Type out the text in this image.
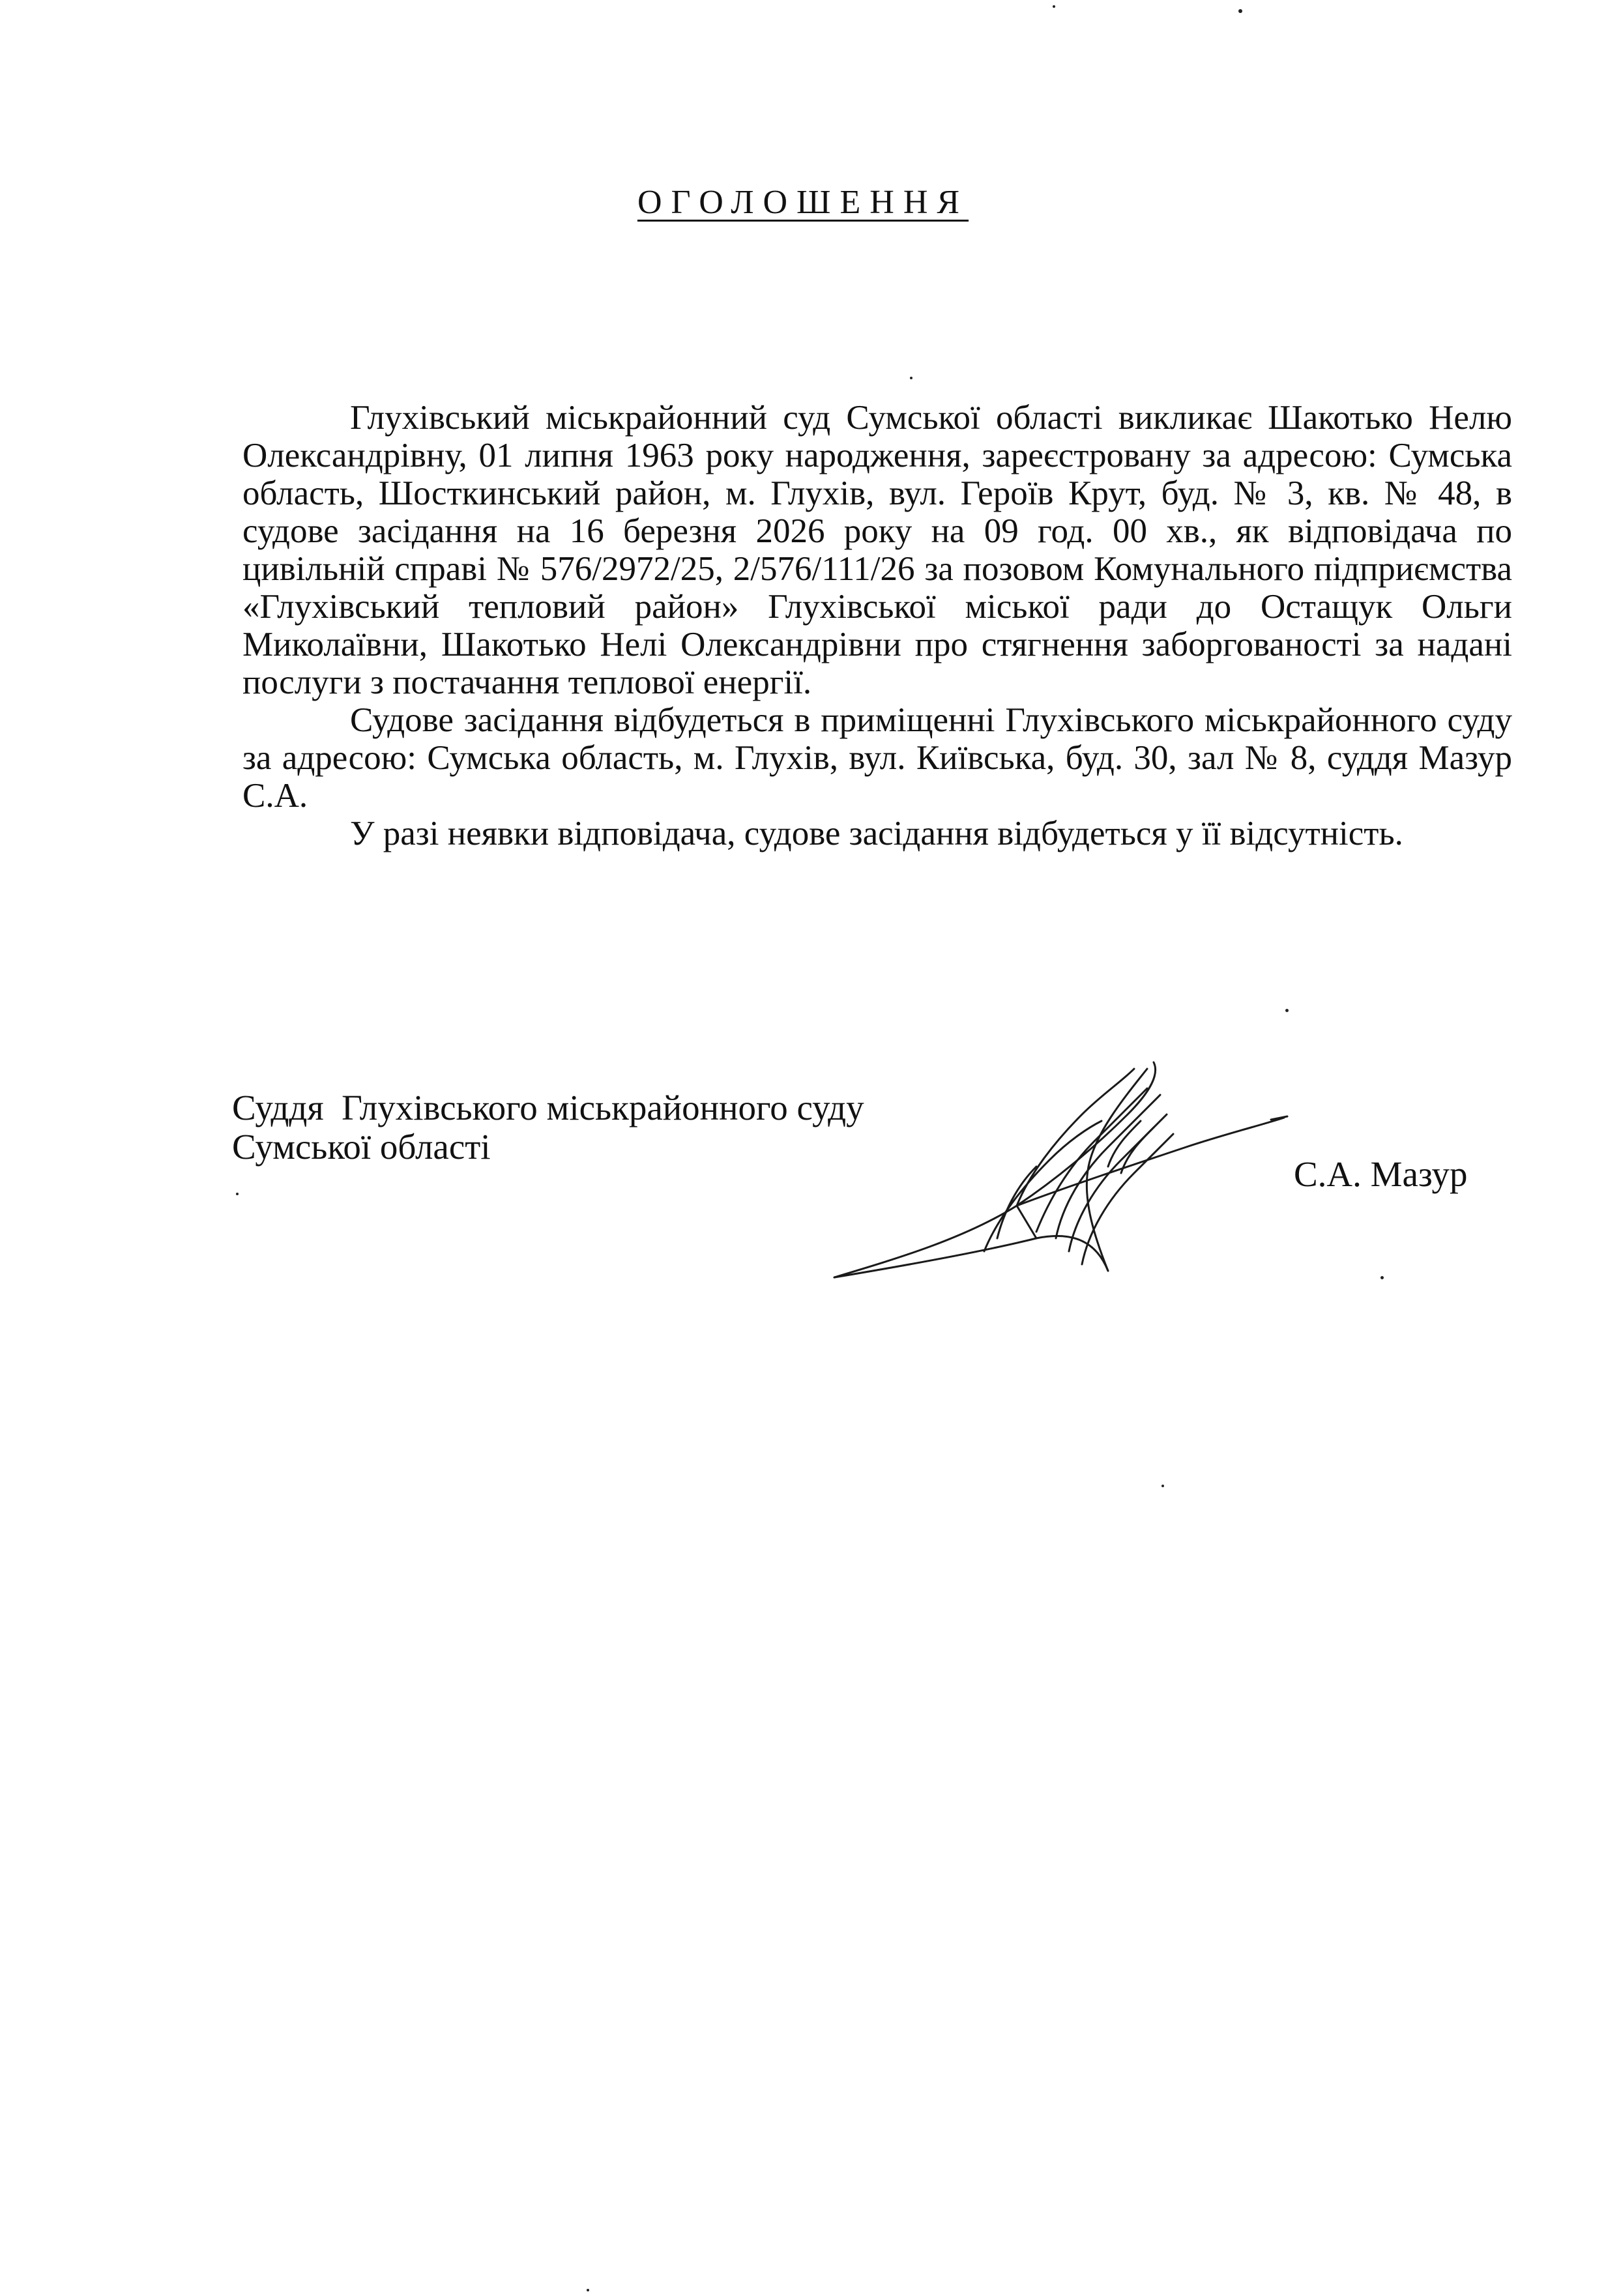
ОГОЛОШЕННЯ

Глухівський міськрайонний суд Сумської області викликає Шакотько Нелю Олександрівну, 01 липня 1963 року народження, зареєстровану за адресою: Сумська область, Шосткинський район, м. Глухів, вул. Героїв Крут, буд. № 3, кв. № 48, в судове засідання на 16 березня 2026 року на 09 год. 00 хв., як відповідача по цивільній справі № 576/2972/25, 2/576/111/26 за позовом Комунального підприємства «Глухівський тепловий район» Глухівської міської ради до Остащук Ольги Миколаївни, Шакотько Нелі Олександрівни про стягнення заборгованості за надані послуги з постачання теплової енергії.

Судове засідання відбудеться в приміщенні Глухівського міськрайонного суду за адресою: Сумська область, м. Глухів, вул. Київська, буд. 30, зал № 8, суддя Мазур С.А.

У разі неявки відповідача, судове засідання відбудеться у її відсутність.

Суддя  Глухівського міськрайонного суду
Сумської області
С.А. Мазур
